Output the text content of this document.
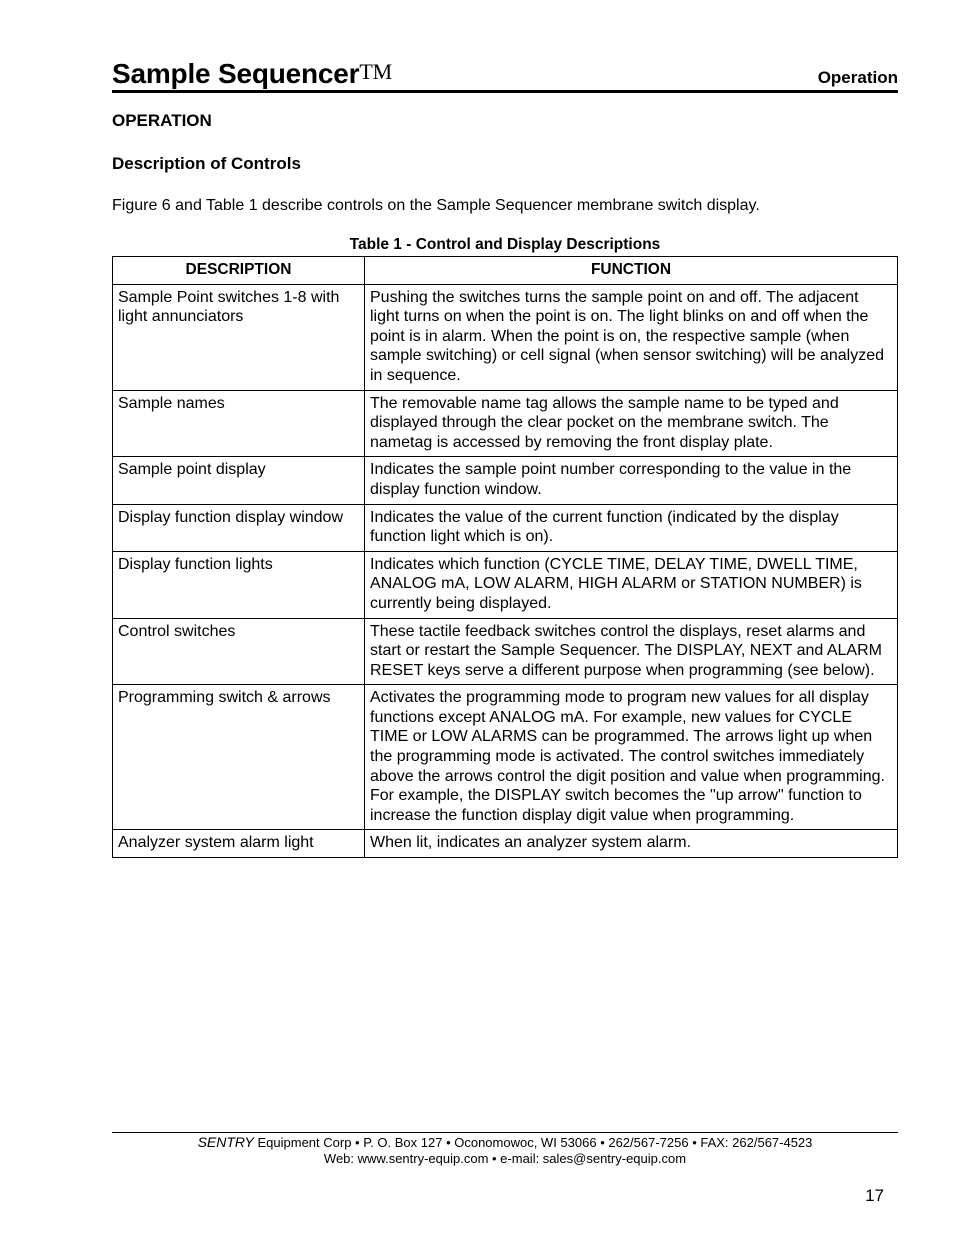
Sample SequencerTM	Operation
OPERATION
Description of Controls
Figure 6 and Table 1 describe controls on the Sample Sequencer membrane switch display.
Table 1 - Control and Display Descriptions
DESCRIPTION	FUNCTION
Sample Point switches 1-8 with light annunciators	Pushing the switches turns the sample point on and off. The adjacent light turns on when the point is on. The light blinks on and off when the point is in alarm. When the point is on, the respective sample (when sample switching) or cell signal (when sensor switching) will be analyzed in sequence.
Sample names	The removable name tag allows the sample name to be typed and displayed through the clear pocket on the membrane switch. The nametag is accessed by removing the front display plate.
Sample point display	Indicates the sample point number corresponding to the value in the display function window.
Display function display window	Indicates the value of the current function (indicated by the display function light which is on).
Display function lights	Indicates which function (CYCLE TIME, DELAY TIME, DWELL TIME, ANALOG mA, LOW ALARM, HIGH ALARM or STATION NUMBER) is currently being displayed.
Control switches	These tactile feedback switches control the displays, reset alarms and start or restart the Sample Sequencer. The DISPLAY, NEXT and ALARM RESET keys serve a different purpose when programming (see below).
Programming switch & arrows	Activates the programming mode to program new values for all display functions except ANALOG mA. For example, new values for CYCLE TIME or LOW ALARMS can be programmed. The arrows light up when the programming mode is activated. The control switches immediately above the arrows control the digit position and value when programming. For example, the DISPLAY switch becomes the "up arrow" function to increase the function display digit value when programming.
Analyzer system alarm light	When lit, indicates an analyzer system alarm.
SENTRY Equipment Corp • P. O. Box 127 • Oconomowoc, WI 53066 • 262/567-7256 • FAX: 262/567-4523
Web: www.sentry-equip.com • e-mail: sales@sentry-equip.com
17
